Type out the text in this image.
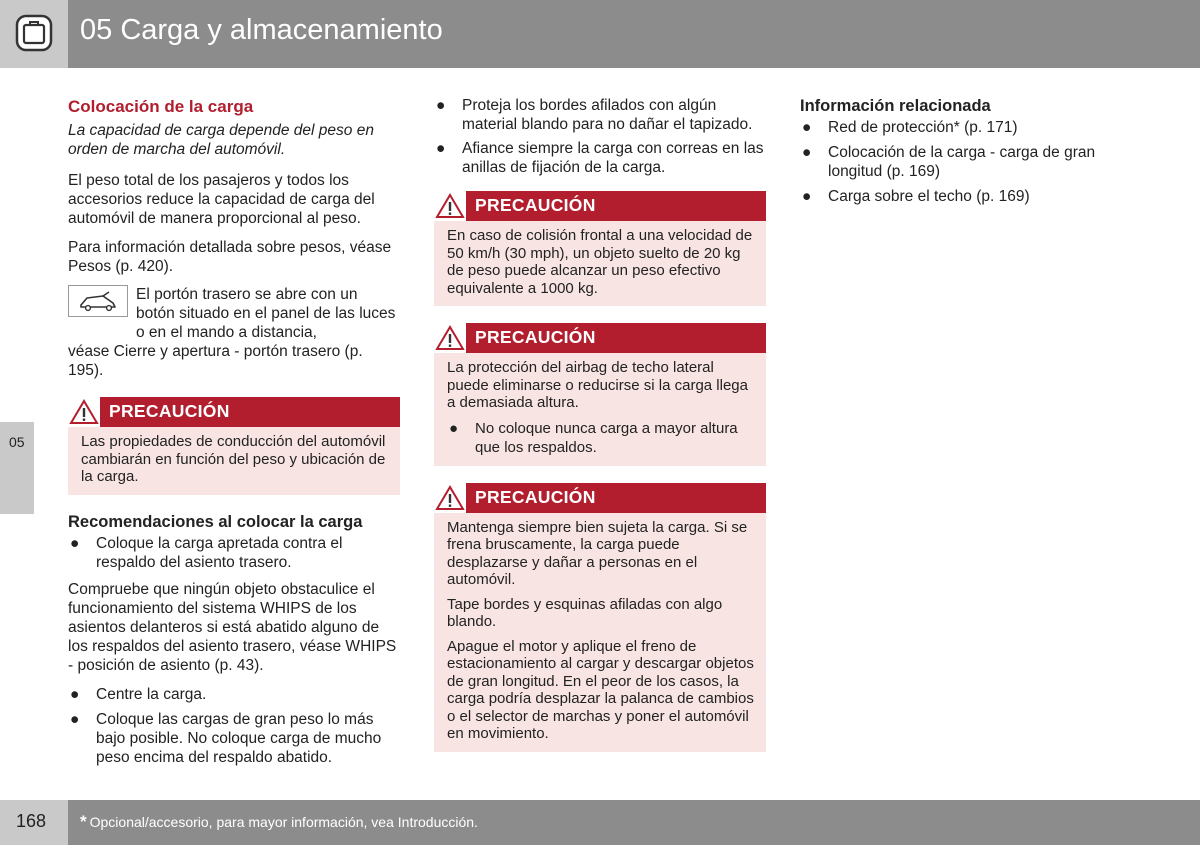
05 Carga y almacenamiento
05
Colocación de la carga

La capacidad de carga depende del peso en orden de marcha del automóvil.

El peso total de los pasajeros y todos los accesorios reduce la capacidad de carga del automóvil de manera proporcional al peso.

Para información detallada sobre pesos, véase Pesos (p. 420).

El portón trasero se abre con un botón situado en el panel de las luces o en el mando a distancia,

véase Cierre y apertura - portón trasero (p. 195).

PRECAUCIÓN

Las propiedades de conducción del automóvil cambiarán en función del peso y ubicación de la carga.

Recomendaciones al colocar la carga
● Coloque la carga apretada contra el respaldo del asiento trasero.

Compruebe que ningún objeto obstaculice el funcionamiento del sistema WHIPS de los asientos delanteros si está abatido alguno de los respaldos del asiento trasero, véase WHIPS - posición de asiento (p. 43).

● Centre la carga.
● Coloque las cargas de gran peso lo más bajo posible. No coloque carga de mucho peso encima del respaldo abatido.
● Proteja los bordes afilados con algún material blando para no dañar el tapizado.
● Afiance siempre la carga con correas en las anillas de fijación de la carga.
PRECAUCIÓN

En caso de colisión frontal a una velocidad de 50 km/h (30 mph), un objeto suelto de 20 kg de peso puede alcanzar un peso efectivo equivalente a 1000 kg.

PRECAUCIÓN

La protección del airbag de techo lateral puede eliminarse o reducirse si la carga llega a demasiada altura.

● No coloque nunca carga a mayor altura que los respaldos.
PRECAUCIÓN

Mantenga siempre bien sujeta la carga. Si se frena bruscamente, la carga puede desplazarse y dañar a personas en el automóvil.

Tape bordes y esquinas afiladas con algo blando.

Apague el motor y aplique el freno de estacionamiento al cargar y descargar objetos de gran longitud. En el peor de los casos, la carga podría desplazar la palanca de cambios o el selector de marchas y poner el automóvil en movimiento.

Información relacionada
● Red de protección* (p. 171)
● Colocación de la carga - carga de gran longitud (p. 169)
● Carga sobre el techo (p. 169)
168 * Opcional/accesorio, para mayor información, vea Introducción.
